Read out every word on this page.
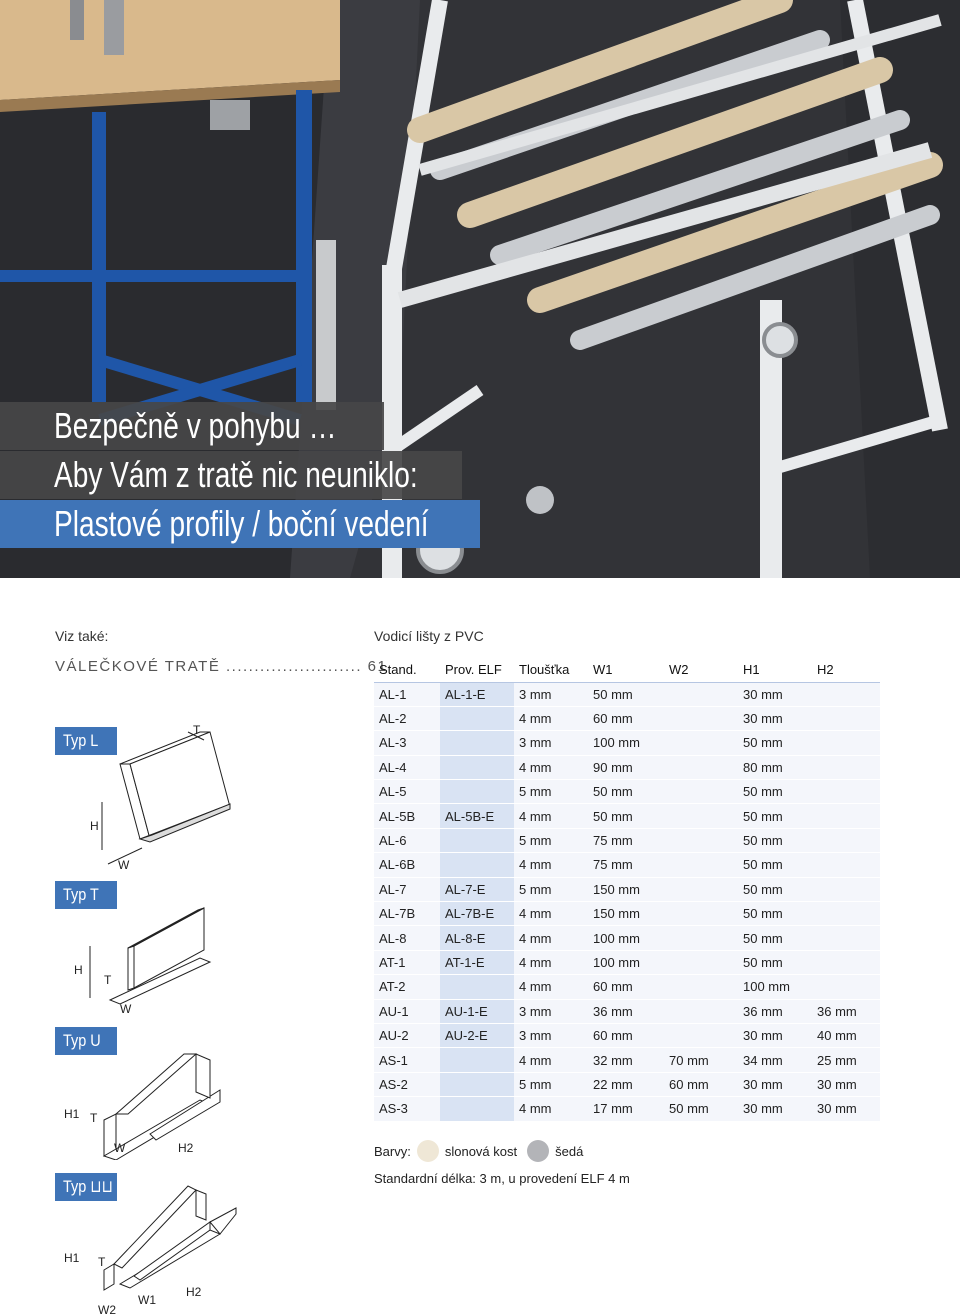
Bezpečně v pohybu …
Aby Vám z tratě nic neuniklo:
Plastové profily / boční vedení
Viz také:
VÁLEČKOVÉ TRATĚ ........................ 61
Typ L
T
H
W
Typ T
H
T
W
Typ U
H1 T
W	H2
Typ ⊔⊔
H1 T
W1
W2
H2
Vodicí lišty z PVC
Stand.	Prov. ELF	Tloušťka	W1	W2	H1	H2
AL-1	AL-1-E	3 mm	50 mm		30 mm	
AL-2		4 mm	60 mm		30 mm	
AL-3		3 mm	100 mm		50 mm	
AL-4		4 mm	90 mm		80 mm	
AL-5		5 mm	50 mm		50 mm	
AL-5B	AL-5B-E	4 mm	50 mm		50 mm	
AL-6		5 mm	75 mm		50 mm	
AL-6B		4 mm	75 mm		50 mm	
AL-7	AL-7-E	5 mm	150 mm		50 mm	
AL-7B	AL-7B-E	4 mm	150 mm		50 mm	
AL-8	AL-8-E	4 mm	100 mm		50 mm	
AT-1	AT-1-E	4 mm	100 mm		50 mm	
AT-2		4 mm	60 mm		100 mm	
AU-1	AU-1-E	3 mm	36 mm		36 mm	36 mm
AU-2	AU-2-E	3 mm	60 mm		30 mm	40 mm
AS-1		4 mm	32 mm	70 mm	34 mm	25 mm
AS-2		5 mm	22 mm	60 mm	30 mm	30 mm
AS-3		4 mm	17 mm	50 mm	30 mm	30 mm
Barvy:	slonová kost	šedá
Standardní délka: 3 m, u provedení ELF 4 m
